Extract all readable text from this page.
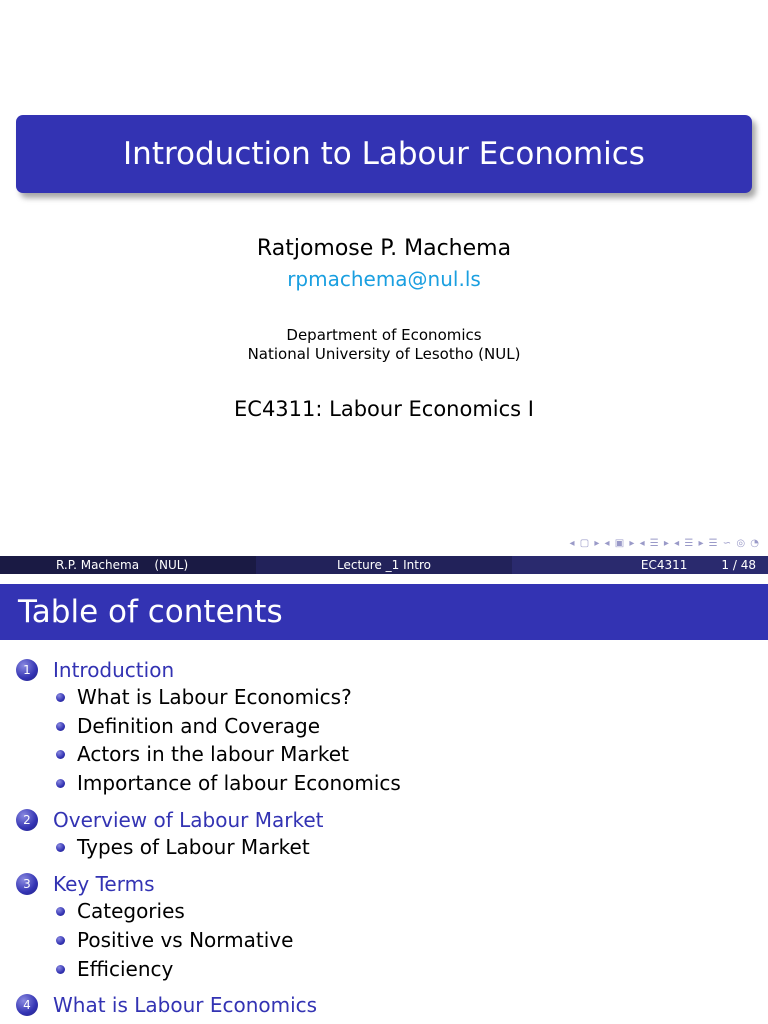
Introduction to Labour Economics
Ratjomose P. Machema
rpmachema@nul.ls
Department of Economics
National University of Lesotho (NUL)
EC4311: Labour Economics I
◂ ▢ ▸ ◂ ▣ ▸ ◂ ☰ ▸ ◂ ☰ ▸ ☰ ∽ ◎ ◔
R.P. Machema    (NUL)	Lecture _1 Intro	EC4311	1 / 48
Table of contents
1	Introduction
What is Labour Economics?
Definition and Coverage
Actors in the labour Market
Importance of labour Economics
2	Overview of Labour Market
Types of Labour Market
3	Key Terms
Categories
Positive vs Normative
Efficiency
4	What is Labour Economics
